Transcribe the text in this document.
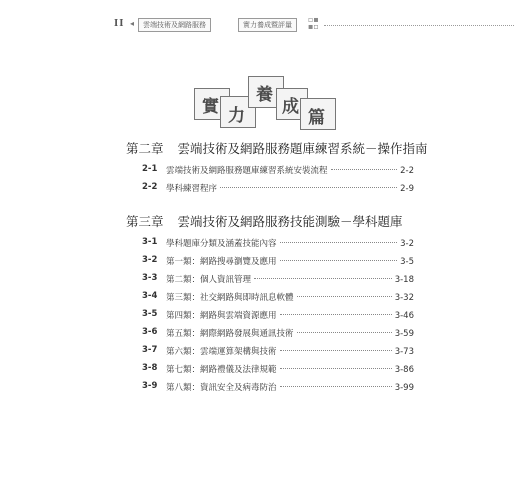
II ◂	雲端技術及網路服務	實力養成暨評量
▫▪
▪▫
實 力
養
成
篇
第二章 雲端技術及網路服務題庫練習系統－操作指南
2-1	雲端技術及網路服務題庫練習系統安裝流程	2-2
2-2	學科練習程序	2-9
第三章 雲端技術及網路服務技能測驗－學科題庫
3-1	學科題庫分類及涵蓋技能內容	3-2
3-2	第一類：網路搜尋瀏覽及應用	3-5
3-3	第二類：個人資訊管理	3-18
3-4	第三類：社交網路與即時訊息軟體	3-32
3-5	第四類：網路與雲端資源應用	3-46
3-6	第五類：網際網路發展與通訊技術	3-59
3-7	第六類：雲端運算架構與技術	3-73
3-8	第七類：網路禮儀及法律規範	3-86
3-9	第八類：資訊安全及病毒防治	3-99
